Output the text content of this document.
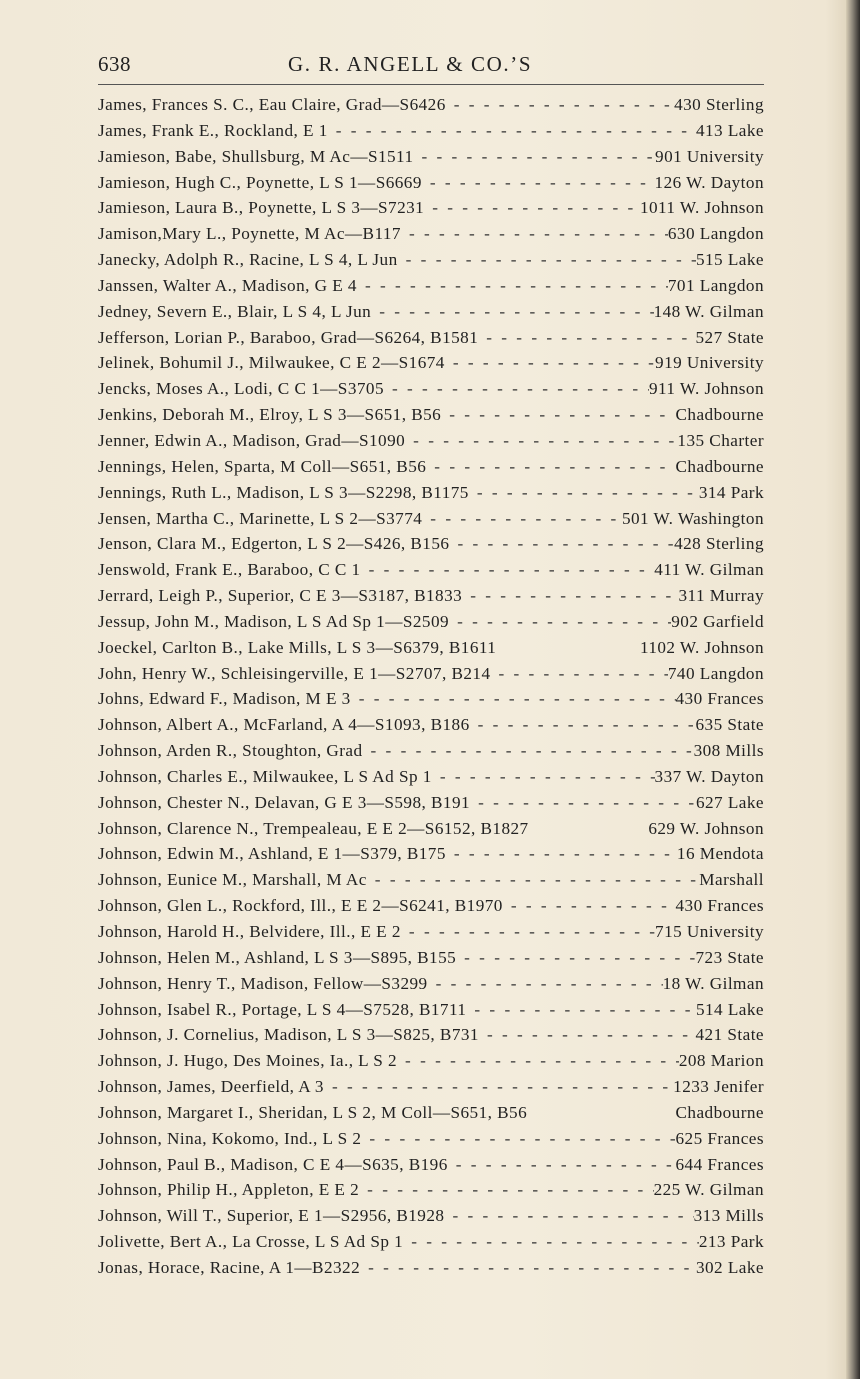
638	G. R. ANGELL & CO.’S
James, Frances S. C., Eau Claire, Grad—S6426 - - -	430 Sterling
James, Frank E., Rockland, E 1 - - -	413 Lake
Jamieson, Babe, Shullsburg, M Ac—S1511 - - -	901 University
Jamieson, Hugh C., Poynette, L S 1—S6669 - - -	126 W. Dayton
Jamieson, Laura B., Poynette, L S 3—S7231 - - -	1011 W. Johnson
Jamison,Mary L., Poynette, M Ac—B117 - - -	630 Langdon
Janecky, Adolph R., Racine, L S 4, L Jun - - -	515 Lake
Janssen, Walter A., Madison, G E 4 - - -	701 Langdon
Jedney, Severn E., Blair, L S 4, L Jun - - -	148 W. Gilman
Jefferson, Lorian P., Baraboo, Grad—S6264, B1581 - - -	527 State
Jelinek, Bohumil J., Milwaukee, C E 2—S1674 - - -	919 University
Jencks, Moses A., Lodi, C C 1—S3705 - - -	911 W. Johnson
Jenkins, Deborah M., Elroy, L S 3—S651, B56 - - -	Chadbourne
Jenner, Edwin A., Madison, Grad—S1090 - - -	135 Charter
Jennings, Helen, Sparta, M Coll—S651, B56 - - -	Chadbourne
Jennings, Ruth L., Madison, L S 3—S2298, B1175 - - -	314 Park
Jensen, Martha C., Marinette, L S 2—S3774 - - -	501 W. Washington
Jenson, Clara M., Edgerton, L S 2—S426, B156 - - -	428 Sterling
Jenswold, Frank E., Baraboo, C C 1 - - -	411 W. Gilman
Jerrard, Leigh P., Superior, C E 3—S3187, B1833 - - -	311 Murray
Jessup, John M., Madison, L S Ad Sp 1—S2509 - - -	902 Garfield
Joeckel, Carlton B., Lake Mills, L S 3—S6379, B1611	1102 W. Johnson
John, Henry W., Schleisingerville, E 1—S2707, B214 - - -	740 Langdon
Johns, Edward F., Madison, M E 3 - - -	430 Frances
Johnson, Albert A., McFarland, A 4—S1093, B186 - - -	635 State
Johnson, Arden R., Stoughton, Grad - - -	308 Mills
Johnson, Charles E., Milwaukee, L S Ad Sp 1 - - -	337 W. Dayton
Johnson, Chester N., Delavan, G E 3—S598, B191 - - -	627 Lake
Johnson, Clarence N., Trempealeau, E E 2—S6152, B1827	629 W. Johnson
Johnson, Edwin M., Ashland, E 1—S379, B175 - - -	16 Mendota
Johnson, Eunice M., Marshall, M Ac - - -	Marshall
Johnson, Glen L., Rockford, Ill., E E 2—S6241, B1970 - - -	430 Frances
Johnson, Harold H., Belvidere, Ill., E E 2 - - -	715 University
Johnson, Helen M., Ashland, L S 3—S895, B155 - - -	723 State
Johnson, Henry T., Madison, Fellow—S3299 - - -	18 W. Gilman
Johnson, Isabel R., Portage, L S 4—S7528, B1711 - - -	514 Lake
Johnson, J. Cornelius, Madison, L S 3—S825, B731 - - -	421 State
Johnson, J. Hugo, Des Moines, Ia., L S 2 - - -	208 Marion
Johnson, James, Deerfield, A 3 - - -	1233 Jenifer
Johnson, Margaret I., Sheridan, L S 2, M Coll—S651, B56	Chadbourne
Johnson, Nina, Kokomo, Ind., L S 2 - - -	625 Frances
Johnson, Paul B., Madison, C E 4—S635, B196 - - -	644 Frances
Johnson, Philip H., Appleton, E E 2 - - -	225 W. Gilman
Johnson, Will T., Superior, E 1—S2956, B1928 - - -	313 Mills
Jolivette, Bert A., La Crosse, L S Ad Sp 1 - - -	213 Park
Jonas, Horace, Racine, A 1—B2322 - - -	302 Lake
